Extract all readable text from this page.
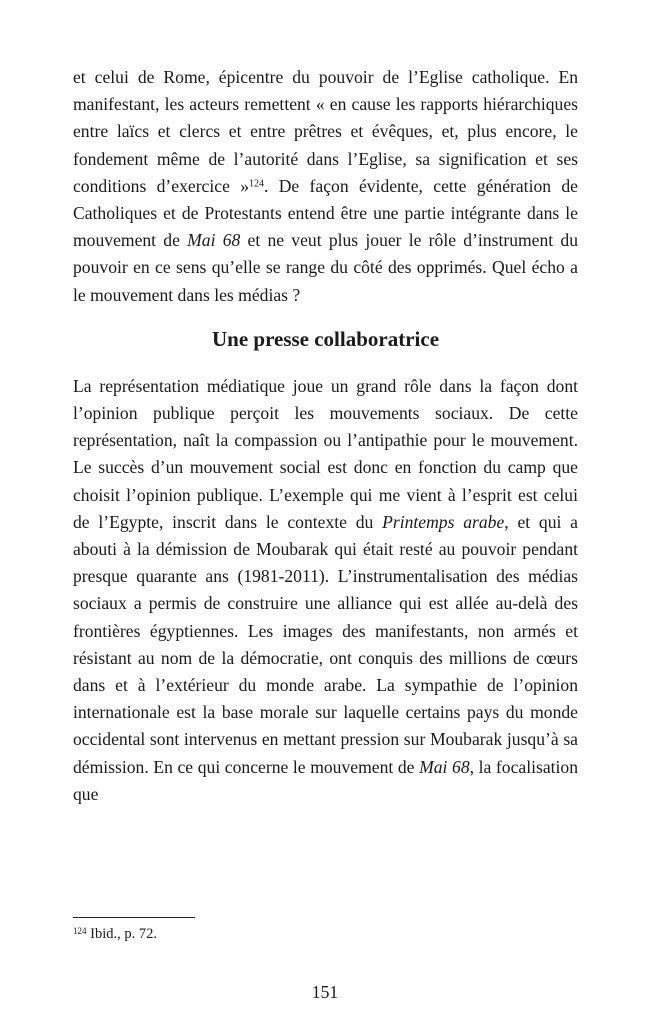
et celui de Rome, épicentre du pouvoir de l’Eglise catholique. En manifestant, les acteurs remettent « en cause les rapports hiérarchiques entre laïcs et clercs et entre prêtres et évêques, et, plus encore, le fondement même de l’autorité dans l’Eglise, sa signification et ses conditions d’exercice »$^{124}$. De façon évidente, cette génération de Catholiques et de Protestants entend être une partie intégrante dans le mouvement de Mai 68 et ne veut plus jouer le rôle d’instrument du pouvoir en ce sens qu’elle se range du côté des opprimés. Quel écho a le mouvement dans les médias ?

Une presse collaboratrice

La représentation médiatique joue un grand rôle dans la façon dont l’opinion publique perçoit les mouvements sociaux. De cette représentation, naît la compassion ou l’antipathie pour le mouvement. Le succès d’un mouvement social est donc en fonction du camp que choisit l’opinion publique. L’exemple qui me vient à l’esprit est celui de l’Egypte, inscrit dans le contexte du Printemps arabe, et qui a abouti à la démission de Moubarak qui était resté au pouvoir pendant presque quarante ans (1981-2011). L’instrumentalisation des médias sociaux a permis de construire une alliance qui est allée au-delà des frontières égyptiennes. Les images des manifestants, non armés et résistant au nom de la démocratie, ont conquis des millions de cœurs dans et à l’extérieur du monde arabe. La sympathie de l’opinion internationale est la base morale sur laquelle certains pays du monde occidental sont intervenus en mettant pression sur Moubarak jusqu’à sa démission. En ce qui concerne le mouvement de Mai 68, la focalisation que

$^{124}$ Ibid., p. 72.
151
